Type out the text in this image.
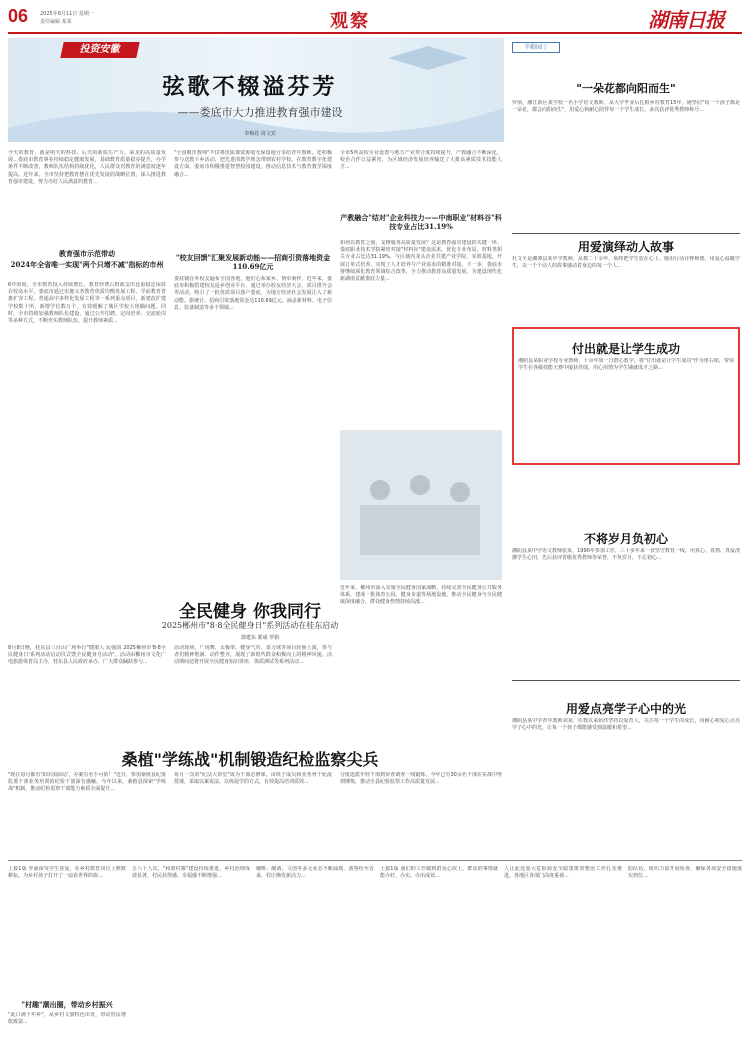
06 2025年8月11日 星期一
责任编辑 某某	观察	湖南日报
投资安徽
弦歌不辍溢芬芳
——娄底市大力推进教育强市建设
李梅花 周文宾
今天的教育，就是明天的科技、后天的新质生产力。来龙的高质量发展...娄底市教育事业持续稳定健康发展，基础教育质量稳步提升，办学条件不断改善，教师队伍结构持续优化，人民群众对教育的满意度逐年提高。近年来，全市坚持把教育摆在优先发展的战略位置，深入推进教育强市建设，努力办好人民满意的教育...
教育强市示范带动
2024年全省唯一实现"两个只增不减"指标的市州
6年时间，全市教育投入持续增长，教育经费占财政支出比重稳定保持在较高水平。娄底市通过实施义务教育优质均衡发展工程、学前教育普惠扩容工程、普通高中多样化发展工程等一系列重点项目，新建改扩建学校数十所，新增学位数万个，有效缓解了城区学校大班额问题。同时，全市持续加强教师队伍建设，通过公开招聘、定向培养、交流轮岗等多种方式，不断充实教师队伍，提升教师素质...
"全国模范教师"不仅将优质课资源毫无保留地分享给青年教师，还积极参与送教下乡活动，把先进的教学理念带到农村学校。在教育数字化建设方面，娄底市积极推进智慧校园建设，推动信息技术与教育教学深度融合...
"校友回馈"汇聚发展新动能——招商引资落地资金110.69亿元
娄底籍在外校友遍布全国各地，他们心系家乡、情牵桑梓。近年来，娄底市积极搭建校友返乡创业平台，通过举办校友经济大会、项目推介会等活动，吸引了一批优质项目落户娄底，为地方经济社会发展注入了新动能。据统计，招商引资落地资金达110.69亿元，涵盖新材料、电子信息、装备制造等多个领域...
全市5所高校专业设置与地方产业契合度持续提升，产教融合不断深化，校企合作日益紧密，为区域经济发展培养输送了大批高素质技术技能人才...
产教融合"结对"企业科技力——中南职业"材料谷"科技专业占比31.19%
如何以教育之强，支撑服务高质量发展？这是教育强市建设的关键一环。娄底职业技术学院紧密对接"材料谷"建设需求，优化专业布局，材料类相关专业占比达31.19%，与区域内龙头企业共建产业学院、实训基地，开展订单式培养，实现了人才培养与产业需求的精准对接。下一步，娄底市将继续深化教育领域综合改革，全力推动教育高质量发展，为建设现代化新湖南贡献娄底力量...
全民健身 你我同行
2025郴州市"8·8全民健身日"系列活动在桂东启动
郭建东 郭成 罗娟
8月8日晚，桂东县三台山广场举行"健康人 民强国 2025郴州市'8·8全民健身日'系列活动启动仪式暨全民健身月活动"。活动由郴州市文化广电旅游体育局主办，桂东县人民政府承办，广大群众踊跃参与...
活动现场，广场舞、太极拳、健身气功、柔力球等项目轮番上演，参与者们精神饱满、动作整齐，展现了新时代群众积极向上的精神风貌。活动期间还将开展全民健身知识讲座、体质测试等系列活动...
近年来，郴州市深入实施全民健身国家战略，持续完善全民健身公共服务体系，建成一批体育公园、健身步道等场地设施，推动全民健身与全民健康深度融合，群众健身热情持续高涨...
桑植"学练战"机制锻造纪检监察尖兵
"现在每月都有'知识加油站'，办案有名手可依！"近日，参加桑植县纪委监委干部业务培训的纪检干部深有感触。今年以来，桑植县探索"学练战"机制，推动纪检监察干部能力素质全面提升...
每月一次的"纪法大讲堂"成为干部必修课，由班子成员和业务骨干轮流授课，采取以案说法、以练促学的方式，有效提高培训质效...
分批选派年轻干部到审查调查一线锻炼，今年已有30余名干部在实战中得到锤炼，推动全县纪检监察工作高质量发展...
辛勤园丁
"一朵花都向阳而生"
罗丽，湘江新区某学校一名小学语文教师，从大学毕业后扎根乡村教育15年。她坚信"每一个孩子都是一朵花，都会向阳而生"，用爱心和耐心陪伴每一个学生成长，多次获评优秀教师称号...
用爱演绎动人故事
杜文平是湘潭县某中学教师，从教二十余年，始终把学生放在心上。她用行动诠释师德，用爱心温暖学生，以一个个动人的故事感动着身边的每一个人...
付出就是让学生成功
湘阴县某职业学校专业教师，十余年如一日潜心教学，将"付出就是让学生成功"作为座右铭，带领学生在各级技能大赛中屡获佳绩，用心用情为学生铺就成才之路...
不将岁月负初心
湘阴县某中学语文教师张某，1990年参加工作，三十多年来一直坚守教育一线，用真心、真情、真爱浇灌学生心田，先后获评省级优秀教师等荣誉，不负岁月，不忘初心...
用爱点亮学子心中的光
湘阴县某中学青年教师刘某，任教以来始终坚持以爱育人，关注每一个学生的成长，用耐心和爱心点亮学子心中的光，让每一个孩子都能感受到温暖和希望...
上接1版 罗丽深受学生喜爱，在乡村教育岗位上默默耕耘，为乡村孩子打开了一扇看世界的窗...
"村趣"潮出圈，带动乡村振兴
"此口满千年乡"，从乡村文旅特色出发，带动村民增收致富...
五六十人次，"和谐村寨"建设持续推进，乡村治理成效显著，村民获得感、幸福感不断增强...
咖啡、酿酒、文创等多元业态不断涌现，游客纷至沓来，村庄焕发新活力...
上接1版 我们的工作做到群众心坎上，群众的事情就能办好、办实、办出成效...
人让此处重大危险源安全隐患排查整治工作扎实推进，各地区各部门高度重视...
防队伍、组织力量开展检查，确保各项安全措施落实到位...
